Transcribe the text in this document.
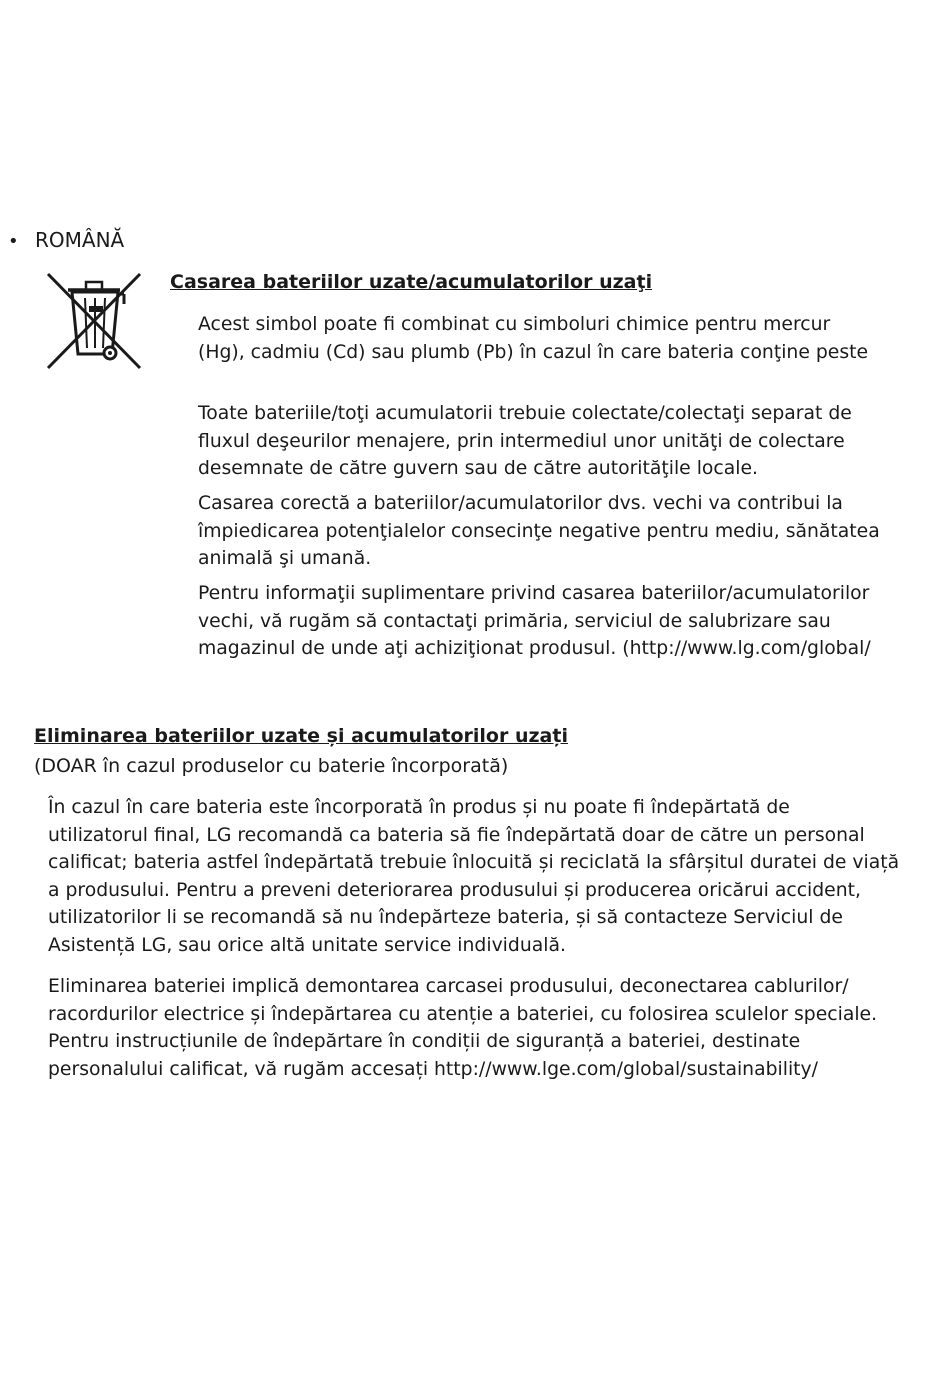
• ROMÂNĂ

Casarea bateriilor uzate/acumulatorilor uzaţi

Acest simbol poate fi combinat cu simboluri chimice pentru mercur
(Hg), cadmiu (Cd) sau plumb (Pb) în cazul în care bateria conţine peste

Toate bateriile/toţi acumulatorii trebuie colectate/colectaţi separat de
fluxul deşeurilor menajere, prin intermediul unor unităţi de colectare
desemnate de către guvern sau de către autorităţile locale.

Casarea corectă a bateriilor/acumulatorilor dvs. vechi va contribui la
împiedicarea potenţialelor consecinţe negative pentru mediu, sănătatea
animală şi umană.

Pentru informaţii suplimentare privind casarea bateriilor/acumulatorilor
vechi, vă rugăm să contactaţi primăria, serviciul de salubrizare sau
magazinul de unde aţi achiziţionat produsul. (http://www.lg.com/global/

Eliminarea bateriilor uzate și acumulatorilor uzați

(DOAR în cazul produselor cu baterie încorporată)

În cazul în care bateria este încorporată în produs și nu poate fi îndepărtată de
utilizatorul final, LG recomandă ca bateria să fie îndepărtată doar de către un personal
calificat; bateria astfel îndepărtată trebuie înlocuită și reciclată la sfârșitul duratei de viață
a produsului. Pentru a preveni deteriorarea produsului și producerea oricărui accident,
utilizatorilor li se recomandă să nu îndepărteze bateria, și să contacteze Serviciul de
Asistență LG, sau orice altă unitate service individuală.

Eliminarea bateriei implică demontarea carcasei produsului, deconectarea cablurilor/
racordurilor electrice și îndepărtarea cu atenție a bateriei, cu folosirea sculelor speciale.
Pentru instrucțiunile de îndepărtare în condiții de siguranță a bateriei, destinate
personalului calificat, vă rugăm accesați http://www.lge.com/global/sustainability/
